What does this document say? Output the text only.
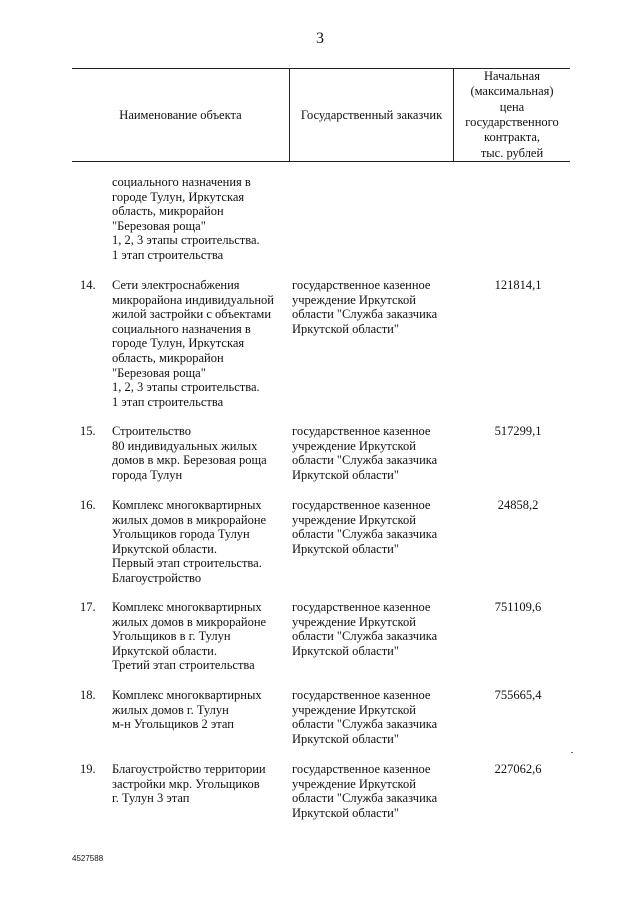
3
Наименование объекта	Государственный заказчик
Начальная
(максимальная)
цена
государственного
контракта,
тыс. рублей
социального назначения в
городе Тулун, Иркутская
область, микрорайон
"Березовая роща"
1, 2, 3 этапы строительства.
1 этап строительства
14. Сети электроснабжения
микрорайона индивидуальной
жилой застройки с объектами
социального назначения в
городе Тулун, Иркутская
область, микрорайон
"Березовая роща"
1, 2, 3 этапы строительства.
1 этап строительства
государственное казенное
учреждение Иркутской
области "Служба заказчика
Иркутской области"
121814,1
15. Строительство
80 индивидуальных жилых
домов в мкр. Березовая роща
города Тулун
государственное казенное
учреждение Иркутской
области "Служба заказчика
Иркутской области"
517299,1
16. Комплекс многоквартирных
жилых домов в микрорайоне
Угольщиков города Тулун
Иркутской области.
Первый этап строительства.
Благоустройство
государственное казенное
учреждение Иркутской
области "Служба заказчика
Иркутской области"
24858,2
17. Комплекс многоквартирных
жилых домов в микрорайоне
Угольщиков в г. Тулун
Иркутской области.
Третий этап строительства
государственное казенное
учреждение Иркутской
области "Служба заказчика
Иркутской области"
751109,6
18. Комплекс многоквартирных
жилых домов г. Тулун
м-н Угольщиков 2 этап
государственное казенное
учреждение Иркутской
области "Служба заказчика
Иркутской области"
755665,4
19. Благоустройство территории
застройки мкр. Угольщиков
г. Тулун 3 этап
государственное казенное
учреждение Иркутской
области "Служба заказчика
Иркутской области"
227062,6
4527588
